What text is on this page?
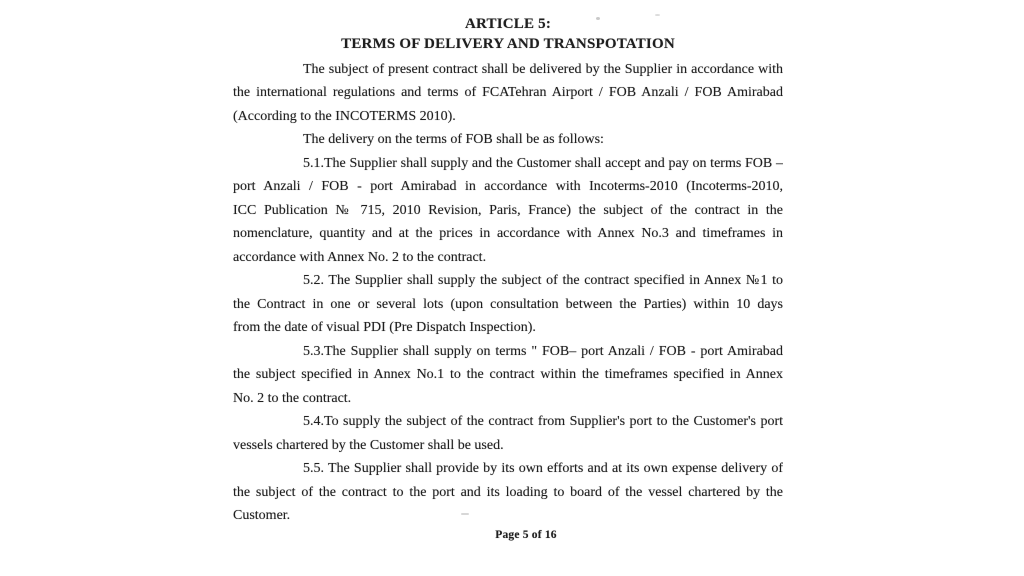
ARTICLE 5:
TERMS OF DELIVERY AND TRANSPOTATION
The subject of present contract shall be delivered by the Supplier in accordance with
the international regulations and terms of FCATehran Airport / FOB Anzali / FOB Amirabad
(According to the INCOTERMS 2010).
The delivery on the terms of FOB shall be as follows:
5.1.The Supplier shall supply and the Customer shall accept and pay on terms FOB –
port Anzali / FOB - port Amirabad in accordance with Incoterms-2010 (Incoterms-2010,
ICC Publication № 715, 2010 Revision, Paris, France) the subject of the contract in the
nomenclature, quantity and at the prices in accordance with Annex No.3 and timeframes in
accordance with Annex No. 2 to the contract.
5.2. The Supplier shall supply the subject of the contract specified in Annex №1 to
the Contract in one or several lots (upon consultation between the Parties) within 10 days
from the date of visual PDI (Pre Dispatch Inspection).
5.3.The Supplier shall supply on terms " FOB– port Anzali / FOB - port Amirabad
the subject specified in Annex No.1 to the contract within the timeframes specified in Annex
No. 2 to the contract.
5.4.To supply the subject of the contract from Supplier's port to the Customer's port
vessels chartered by the Customer shall be used.
5.5. The Supplier shall provide by its own efforts and at its own expense delivery of
the subject of the contract to the port and its loading to board of the vessel chartered by the
Customer.
Page 5 of 16
